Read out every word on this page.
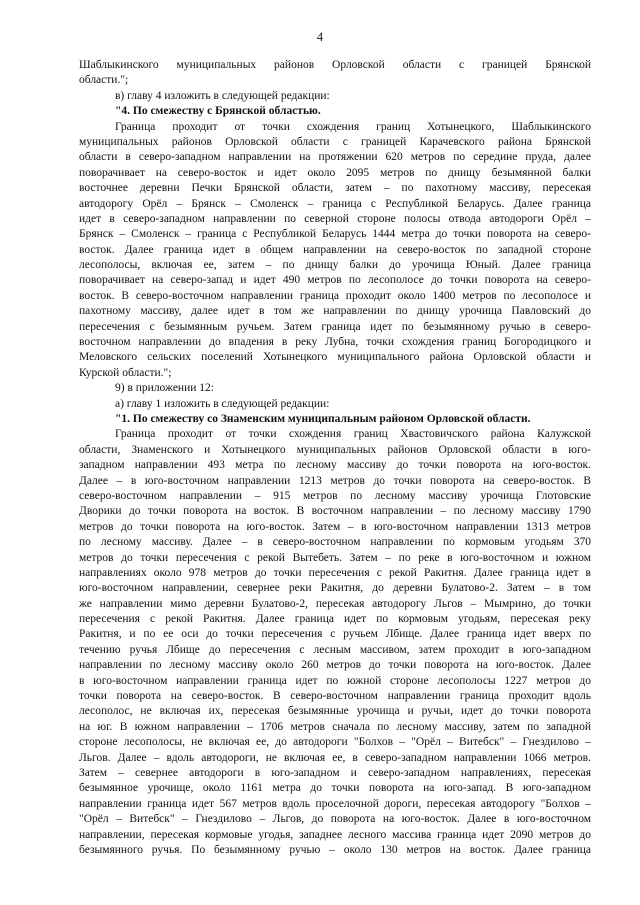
4
Шаблыкинского муниципальных районов Орловской области с границей Брянской
области.";
в) главу 4 изложить в следующей редакции:
"4. По смежеству с Брянской областью.
Граница проходит от точки схождения границ Хотынецкого, Шаблыкинского
муниципальных районов Орловской области с границей Карачевского района Брянской
области в северо-западном направлении на протяжении 620 метров по середине пруда, далее
поворачивает на северо-восток и идет около 2095 метров по днищу безымянной балки
восточнее деревни Печки Брянской области, затем – по пахотному массиву, пересекая
автодорогу Орёл – Брянск – Смоленск – граница с Республикой Беларусь. Далее граница
идет в северо-западном направлении по северной стороне полосы отвода автодороги Орёл –
Брянск – Смоленск – граница с Республикой Беларусь 1444 метра до точки поворота на северо-
восток. Далее граница идет в общем направлении на северо-восток по западной стороне
лесополосы, включая ее, затем – по днищу балки до урочища Юный. Далее граница
поворачивает на северо-запад и идет 490 метров по лесополосе до точки поворота на северо-
восток. В северо-восточном направлении граница проходит около 1400 метров по лесополосе и
пахотному массиву, далее идет в том же направлении по днищу урочища Павловский до
пересечения с безымянным ручьем. Затем граница идет по безымянному ручью в северо-
восточном направлении до впадения в реку Лубна, точки схождения границ Богородицкого и
Меловского сельских поселений Хотынецкого муниципального района Орловской области и
Курской области.";
9) в приложении 12:
а) главу 1 изложить в следующей редакции:
"1. По смежеству со Знаменским муниципальным районом Орловской области.
Граница проходит от точки схождения границ Хвастовичского района Калужской
области, Знаменского и Хотынецкого муниципальных районов Орловской области в юго-
западном направлении 493 метра по лесному массиву до точки поворота на юго-восток.
Далее – в юго-восточном направлении 1213 метров до точки поворота на северо-восток. В
северо-восточном направлении – 915 метров по лесному массиву урочища Глотовские
Дворики до точки поворота на восток. В восточном направлении – по лесному массиву 1790
метров до точки поворота на юго-восток. Затем – в юго-восточном направлении 1313 метров
по лесному массиву. Далее – в северо-восточном направлении по кормовым угодьям 370
метров до точки пересечения с рекой Вытебеть. Затем – по реке в юго-восточном и южном
направлениях около 978 метров до точки пересечения с рекой Ракитня. Далее граница идет в
юго-восточном направлении, севернее реки Ракитня, до деревни Булатово-2. Затем – в том
же направлении мимо деревни Булатово-2, пересекая автодорогу Льгов – Мымрино, до точки
пересечения с рекой Ракитня. Далее граница идет по кормовым угодьям, пересекая реку
Ракитня, и по ее оси до точки пересечения с ручьем Лбище. Далее граница идет вверх по
течению ручья Лбище до пересечения с лесным массивом, затем проходит в юго-западном
направлении по лесному массиву около 260 метров до точки поворота на юго-восток. Далее
в юго-восточном направлении граница идет по южной стороне лесополосы 1227 метров до
точки поворота на северо-восток. В северо-восточном направлении граница проходит вдоль
лесополос, не включая их, пересекая безымянные урочища и ручьи, идет до точки поворота
на юг. В южном направлении – 1706 метров сначала по лесному массиву, затем по западной
стороне лесополосы, не включая ее, до автодороги "Болхов – "Орёл – Витебск" – Гнездилово –
Льгов. Далее – вдоль автодороги, не включая ее, в северо-западном направлении 1066 метров.
Затем – севернее автодороги в юго-западном и северо-западном направлениях, пересекая
безымянное урочище, около 1161 метра до точки поворота на юго-запад. В юго-западном
направлении граница идет 567 метров вдоль проселочной дороги, пересекая автодорогу "Болхов –
"Орёл – Витебск" – Гнездилово – Льгов, до поворота на юго-восток. Далее в юго-восточном
направлении, пересекая кормовые угодья, западнее лесного массива граница идет 2090 метров до
безымянного ручья. По безымянному ручью – около 130 метров на восток. Далее граница
